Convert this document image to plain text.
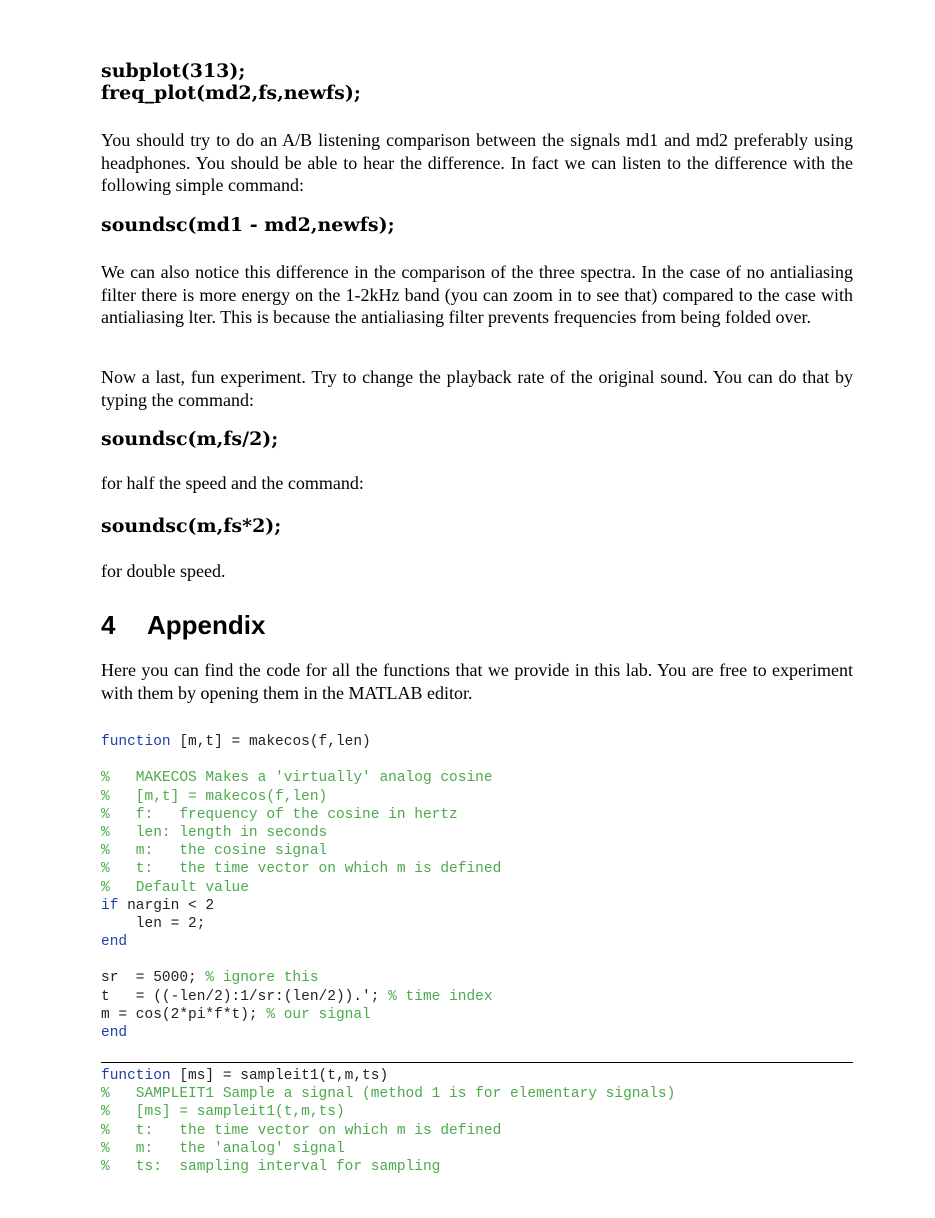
subplot(313);

freq_plot(md2,fs,newfs);

You should try to do an A/B listening comparison between the signals md1 and md2 preferably using headphones. You should be able to hear the difference. In fact we can listen to the difference with the following simple command:

soundsc(md1 - md2,newfs);

We can also notice this difference in the comparison of the three spectra. In the case of no antialiasing filter there is more energy on the 1-2kHz band (you can zoom in to see that) compared to the case with antialiasing lter. This is because the antialiasing filter prevents frequencies from being folded over.

Now a last, fun experiment. Try to change the playback rate of the original sound. You can do that by typing the command:

soundsc(m,fs/2);

for half the speed and the command:

soundsc(m,fs*2);

for double speed.

4 Appendix

Here you can find the code for all the functions that we provide in this lab. You are free to experiment with them by opening them in the MATLAB editor.

function [m,t] = makecos(f,len)
%   MAKECOS Makes a 'virtually' analog cosine
%   [m,t] = makecos(f,len)
%   f:   frequency of the cosine in hertz
%   len: length in seconds
%   m:   the cosine signal
%   t:   the time vector on which m is defined
%   Default value
if nargin < 2
len = 2;
end
sr  = 5000; % ignore this
t   = ((-len/2):1/sr:(len/2)).'; % time index
m = cos(2*pi*f*t); % our signal
end
function [ms] = sampleit1(t,m,ts)
%   SAMPLEIT1 Sample a signal (method 1 is for elementary signals)
%   [ms] = sampleit1(t,m,ts)
%   t:   the time vector on which m is defined
%   m:   the 'analog' signal
%   ts:  sampling interval for sampling
